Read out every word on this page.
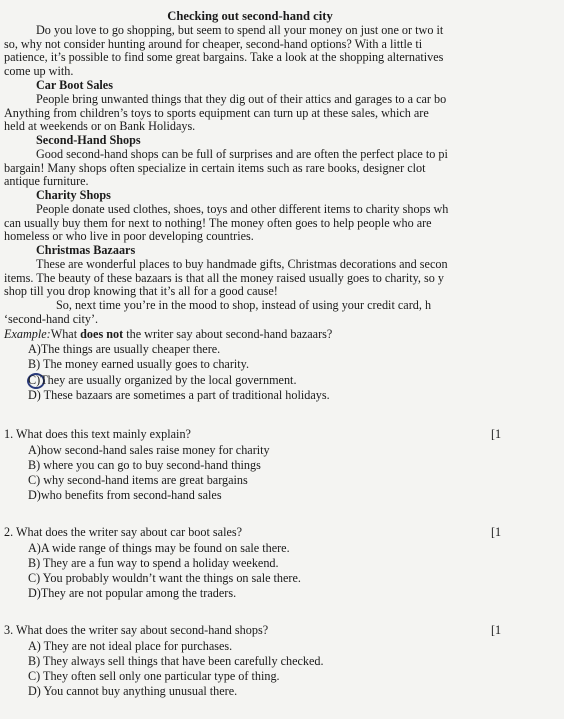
Checking out second-hand city
Do you love to go shopping, but seem to spend all your money on just one or two it
so, why not consider hunting around for cheaper, second-hand options? With a little ti
patience, it’s possible to find some great bargains. Take a look at the shopping alternatives
come up with.
Car Boot Sales
People bring unwanted things that they dig out of their attics and garages to a car bo
Anything from children’s toys to sports equipment can turn up at these sales, which are
held at weekends or on Bank Holidays.
Second-Hand Shops
Good second-hand shops can be full of surprises and are often the perfect place to pi
bargain! Many shops often specialize in certain items such as rare books, designer clot
antique furniture.
Charity Shops
People donate used clothes, shoes, toys and other different items to charity shops wh
can usually buy them for next to nothing! The money often goes to help people who are
homeless or who live in poor developing countries.
Christmas Bazaars
These are wonderful places to buy handmade gifts, Christmas decorations and secon
items. The beauty of these bazaars is that all the money raised usually goes to charity, so y
shop till you drop knowing that it’s all for a good cause!
So, next time you’re in the mood to shop, instead of using your credit card, h
‘second-hand city’.
Example:What does not the writer say about second-hand bazaars?
A)The things are usually cheaper there.
B) The money earned usually goes to charity.
C)They are usually organized by the local government.
D) These bazaars are sometimes a part of traditional holidays.
1. What does this text mainly explain?	[1
A)how second-hand sales raise money for charity
B) where you can go to buy second-hand things
C) why second-hand items are great bargains
D)who benefits from second-hand sales
2. What does the writer say about car boot sales?	[1
A)A wide range of things may be found on sale there.
B) They are a fun way to spend a holiday weekend.
C) You probably wouldn’t want the things on sale there.
D)They are not popular among the traders.
3. What does the writer say about second-hand shops?	[1
A) They are not ideal place for purchases.
B) They always sell things that have been carefully checked.
C) They often sell only one particular type of thing.
D) You cannot buy anything unusual there.
